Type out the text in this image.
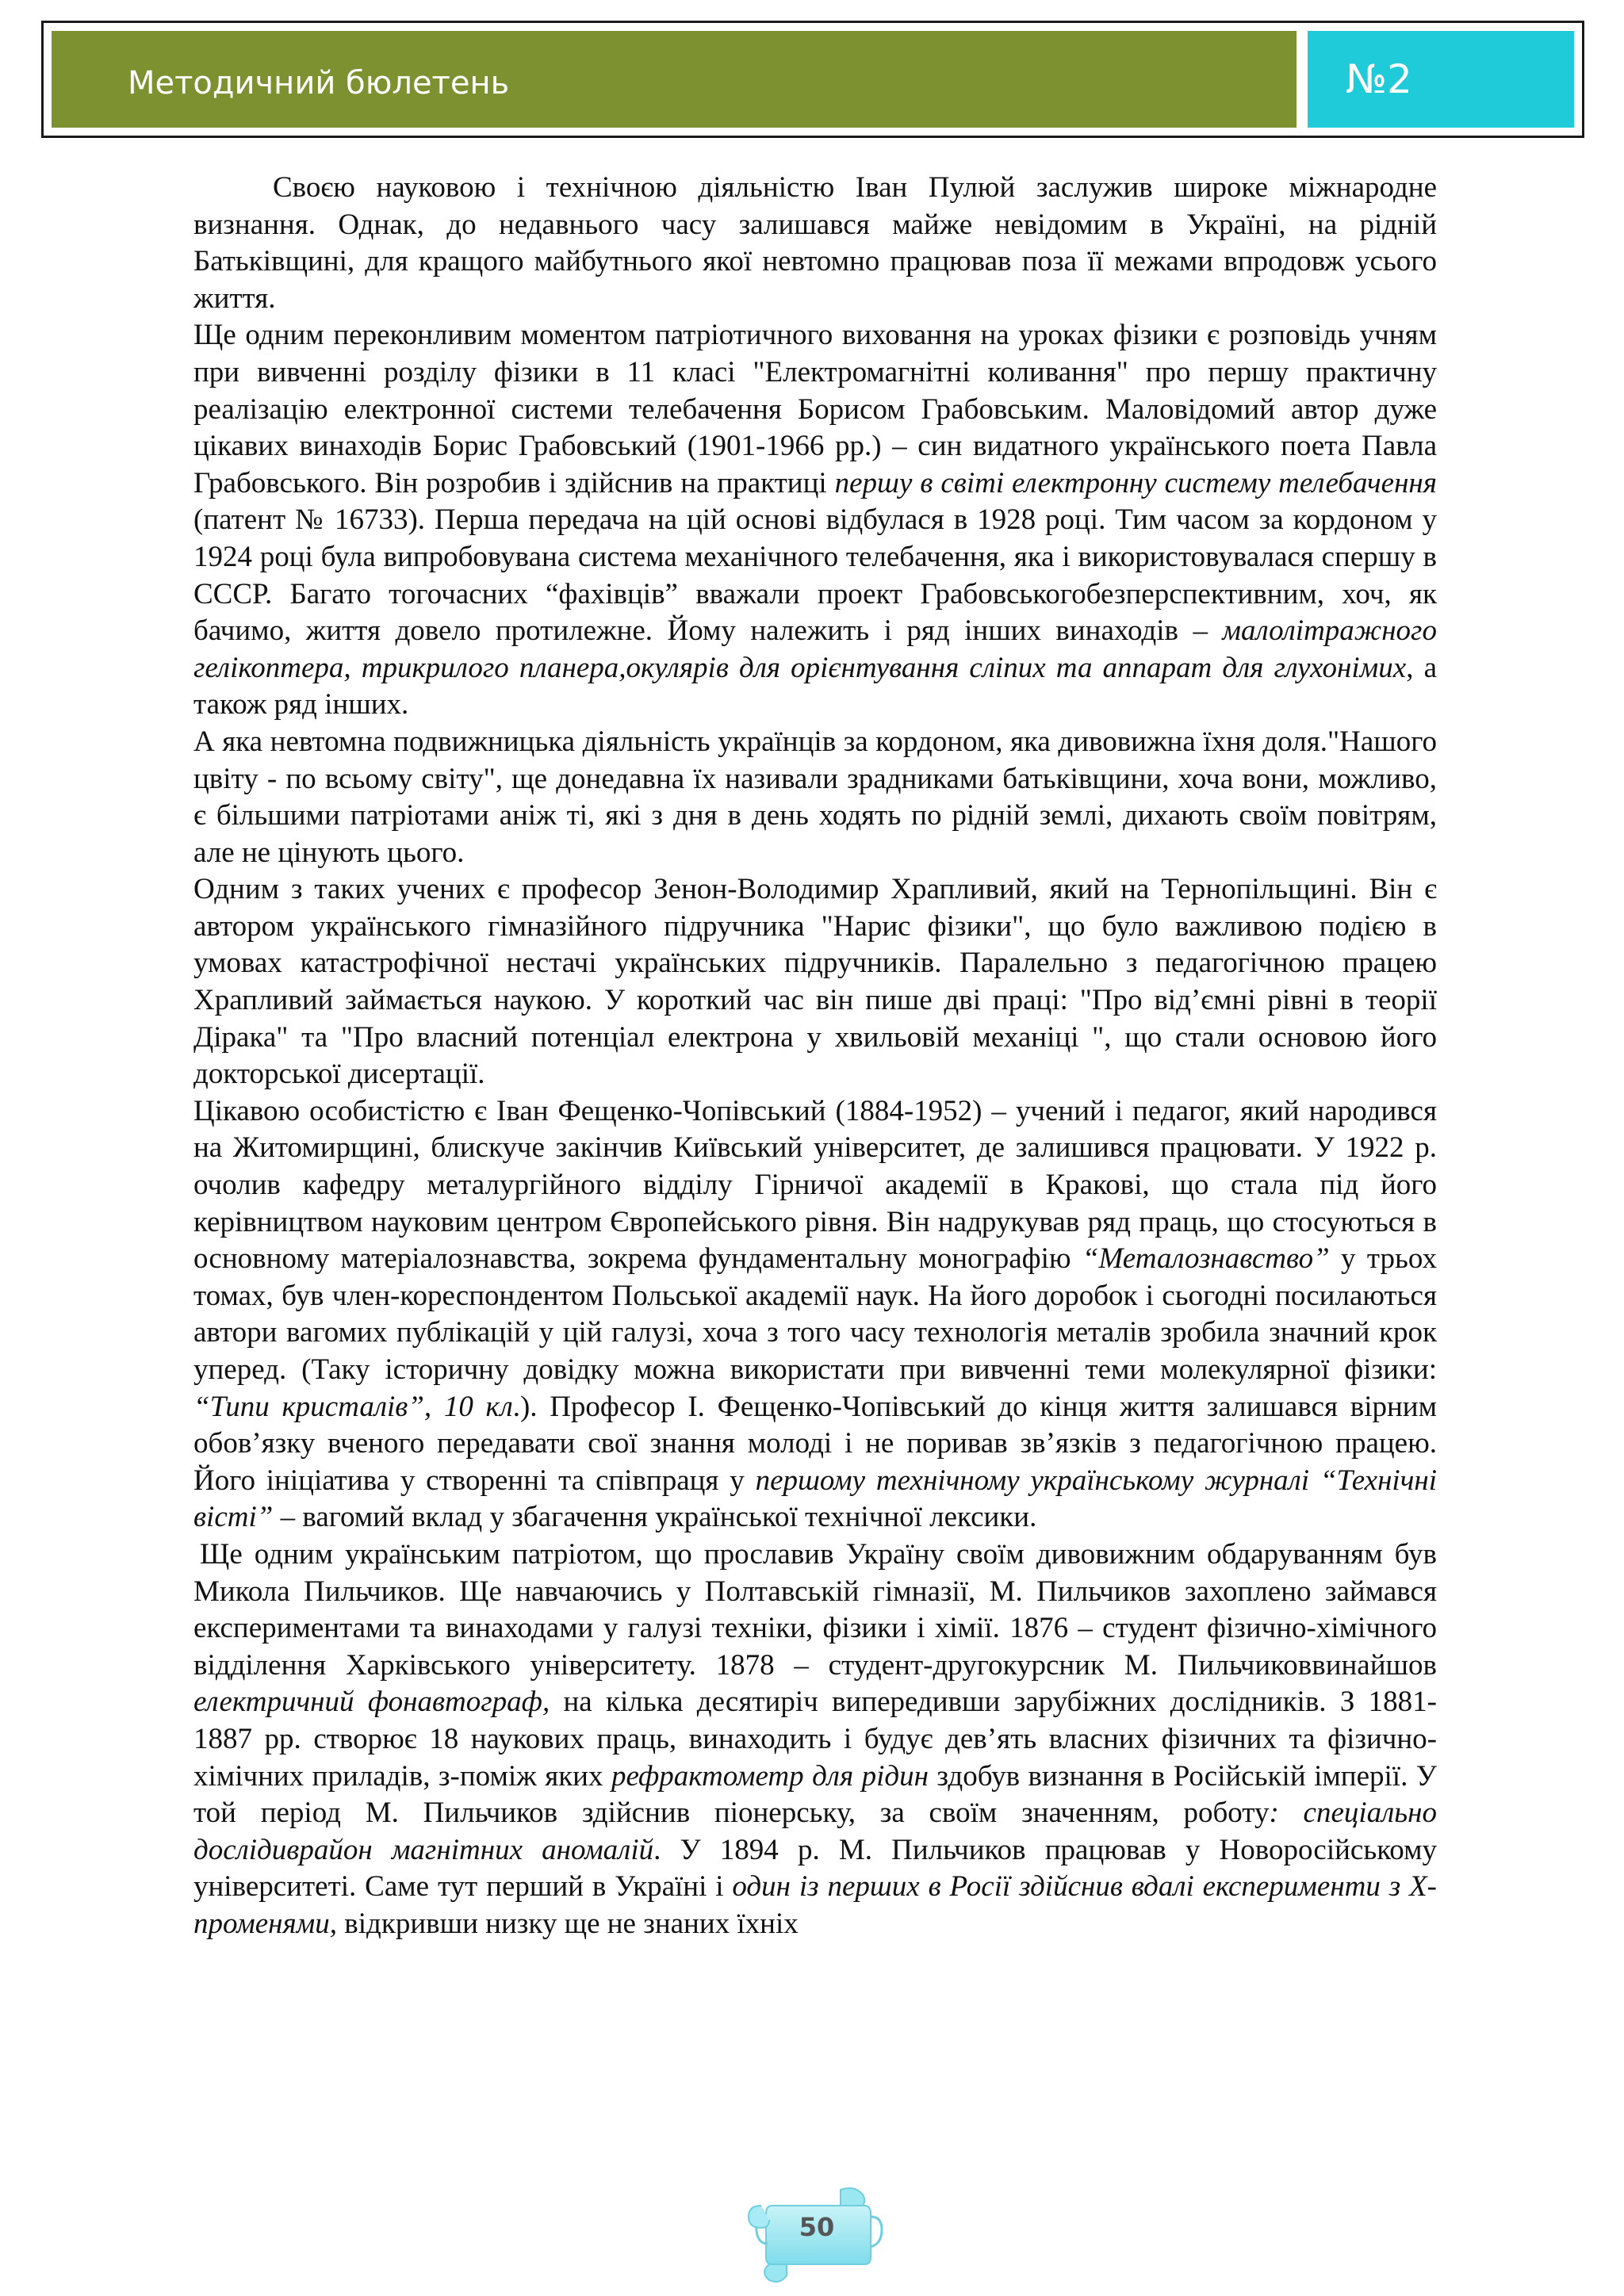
Методичний бюлетень	№2

Своєю науковою і технічною діяльністю Іван Пулюй заслужив широке міжнародне визнання. Однак, до недавнього часу залишався майже невідомим в Україні, на рідній Батьківщині, для кращого майбутнього якої невтомно працював поза її межами впродовж усього життя.

Ще одним переконливим моментом патріотичного виховання на уроках фізики є розповідь учням при вивченні розділу фізики в 11 класі "Електромагнітні коливання" про першу практичну реалізацію електронної системи телебачення Борисом Грабовським. Маловідомий автор дуже цікавих винаходів Борис Грабовський (1901-1966 рр.) – син видатного українського поета Павла Грабовського. Він розробив і здійснив на практиці першу в світі електронну систему телебачення (патент № 16733). Перша передача на цій основі відбулася в 1928 році. Тим часом за кордоном у 1924 році була випробовувана система механічного телебачення, яка і використовувалася спершу в СССР. Багато тогочасних “фахівців” вважали проект Грабовськогобезперспективним, хоч, як бачимо, життя довело протилежне. Йому належить і ряд інших винаходів – малолітражного гелікоптера, трикрилого планера,окулярів для орієнтування сліпих та аппарат для глухонімих, а також ряд інших.

А яка невтомна подвижницька діяльність українців за кордоном, яка дивовижна їхня доля."Нашого цвіту - по всьому світу", ще донедавна їх називали зрадниками батьківщини, хоча вони, можливо, є більшими патріотами аніж ті, які з дня в день ходять по рідній землі, дихають своїм повітрям, але не цінують цього.

Одним з таких учених є професор Зенон-Володимир Храпливий, який на Тернопільщині. Він є автором українського гімназійного підручника "Нарис фізики", що було важливою подією в умовах катастрофічної нестачі українських підручників. Паралельно з педагогічною працею Храпливий займається наукою. У короткий час він пише дві праці: "Про від’ємні рівні в теорії Дірака" та "Про власний потенціал електрона у хвильовій механіці ", що стали основою його докторської дисертації.

Цікавою особистістю є Іван Фещенко-Чопівський (1884-1952) – учений і педагог, який народився на Житомирщині, блискуче закінчив Київський університет, де залишився працювати. У 1922 р. очолив кафедру металургійного відділу Гірничої академії в Кракові, що стала під його керівництвом науковим центром Європейського рівня. Він надрукував ряд праць, що стосуються в основному матеріалознавства, зокрема фундаментальну монографію “Металознавство” у трьох томах, був член-кореспондентом Польської академії наук. На його доробок і сьогодні посилаються автори вагомих публікацій у цій галузі, хоча з того часу технологія металів зробила значний крок уперед. (Таку історичну довідку можна використати при вивченні теми молекулярної фізики: “Типи кристалів”, 10 кл.). Професор І. Фещенко-Чопівський до кінця життя залишався вірним обов’язку вченого передавати свої знання молоді і не поривав зв’язків з педагогічною працею. Його ініціатива у створенні та співпраця у першому технічному українському журналі “Технічні вісті” – вагомий вклад у збагачення української технічної лексики.

Ще одним українським патріотом, що прославив Україну своїм дивовижним обдаруванням був Микола Пильчиков. Ще навчаючись у Полтавській гімназії, М. Пильчиков захоплено займався експериментами та винаходами у галузі техніки, фізики і хімії. 1876 – студент фізично-хімічного відділення Харківського університету. 1878 – студент-другокурсник М. Пильчиковвинайшов електричний фонавтограф, на кілька десятиріч випередивши зарубіжних дослідників. З 1881-1887 рр. створює 18 наукових праць, винаходить і будує дев’ять власних фізичних та фізично-хімічних приладів, з-поміж яких рефрактометр для рідин здобув визнання в Російській імперії. У той період М. Пильчиков здійснив піонерську, за своїм значенням, роботу: спеціально дослідиврайон магнітних аномалій. У 1894 р. М. Пильчиков працював у Новоросійському університеті. Саме тут перший в Україні і один із перших в Росії здійснив вдалі експерименти з Х-променями, відкривши низку ще не знаних їхніх

50
